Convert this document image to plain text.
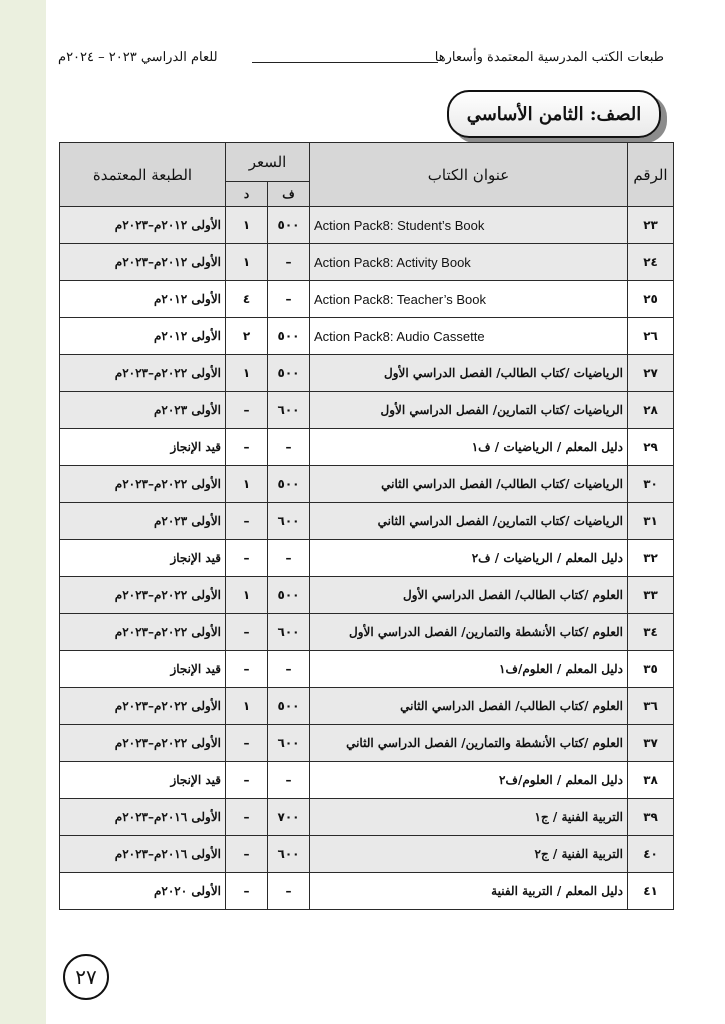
طبعات الكتب المدرسية المعتمدة وأسعارها
للعام الدراسي ٢٠٢٣ – ٢٠٢٤م
الصف: الثامن الأساسي
الرقم	عنوان الكتاب	السعر		الطبعة المعتمدة
		ف	د	
٢٣	Action Pack8: Student’s Book	٥٠٠	١	الأولى ٢٠١٢م–٢٠٢٣م
٢٤	Action Pack8: Activity Book	–	١	الأولى ٢٠١٢م–٢٠٢٣م
٢٥	Action Pack8: Teacher’s Book	–	٤	الأولى ٢٠١٢م
٢٦	Action Pack8: Audio Cassette	٥٠٠	٢	الأولى ٢٠١٢م
٢٧	الرياضيات /كتاب الطالب/ الفصل الدراسي الأول	٥٠٠	١	الأولى ٢٠٢٢م–٢٠٢٣م
٢٨	الرياضيات /كتاب التمارين/ الفصل الدراسي الأول	٦٠٠	–	الأولى ٢٠٢٣م
٢٩	دليل المعلم / الرياضيات / ف١	–	–	قيد الإنجاز
٣٠	الرياضيات /كتاب الطالب/ الفصل الدراسي الثاني	٥٠٠	١	الأولى ٢٠٢٢م–٢٠٢٣م
٣١	الرياضيات /كتاب التمارين/ الفصل الدراسي الثاني	٦٠٠	–	الأولى ٢٠٢٣م
٣٢	دليل المعلم / الرياضيات / ف٢	–	–	قيد الإنجاز
٣٣	العلوم /كتاب الطالب/ الفصل الدراسي الأول	٥٠٠	١	الأولى ٢٠٢٢م–٢٠٢٣م
٣٤	العلوم /كتاب الأنشطة والتمارين/ الفصل الدراسي الأول	٦٠٠	–	الأولى ٢٠٢٢م–٢٠٢٣م
٣٥	دليل المعلم / العلوم/ف١	–	–	قيد الإنجاز
٣٦	العلوم /كتاب الطالب/ الفصل الدراسي الثاني	٥٠٠	١	الأولى ٢٠٢٢م–٢٠٢٣م
٣٧	العلوم /كتاب الأنشطة والتمارين/ الفصل الدراسي الثاني	٦٠٠	–	الأولى ٢٠٢٢م–٢٠٢٣م
٣٨	دليل المعلم / العلوم/ف٢	–	–	قيد الإنجاز
٣٩	التربية الفنية / ج١	٧٠٠	–	الأولى ٢٠١٦م–٢٠٢٣م
٤٠	التربية الفنية / ج٢	٦٠٠	–	الأولى ٢٠١٦م–٢٠٢٣م
٤١	دليل المعلم / التربية الفنية	–	–	الأولى ٢٠٢٠م
٢٧
